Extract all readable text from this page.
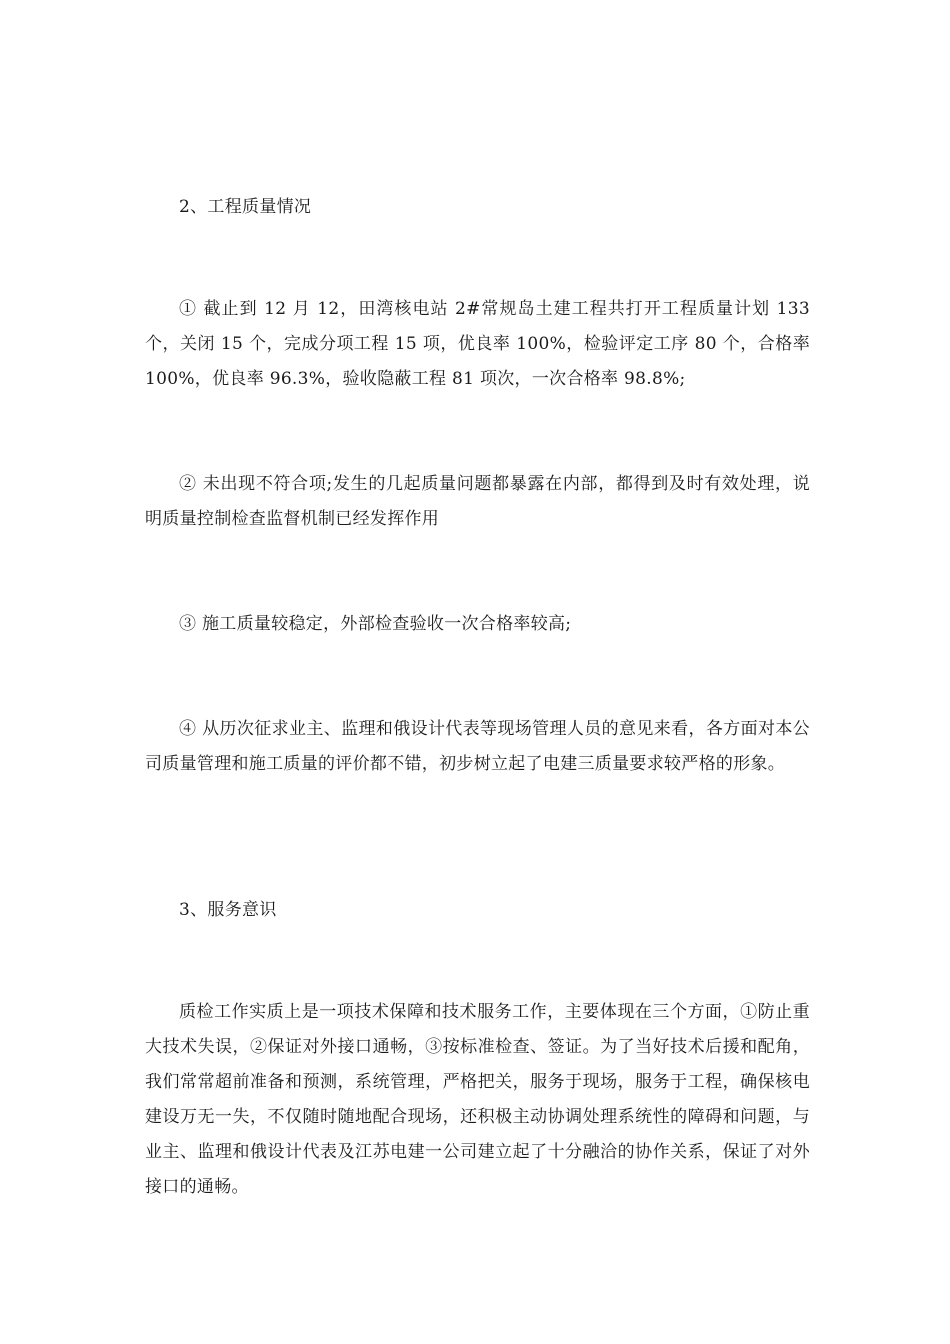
2、工程质量情况

① 截止到 12 月 12，田湾核电站 2#常规岛土建工程共打开工程质量计划 133 个，关闭 15 个，完成分项工程 15 项，优良率 100%，检验评定工序 80 个，合格率 100%，优良率 96.3%，验收隐蔽工程 81 项次，一次合格率 98.8%;

② 未出现不符合项;发生的几起质量问题都暴露在内部，都得到及时有效处理，说明质量控制检查监督机制已经发挥作用

③ 施工质量较稳定，外部检查验收一次合格率较高;

④ 从历次征求业主、监理和俄设计代表等现场管理人员的意见来看，各方面对本公司质量管理和施工质量的评价都不错，初步树立起了电建三质量要求较严格的形象。

3、服务意识

质检工作实质上是一项技术保障和技术服务工作，主要体现在三个方面，①防止重大技术失误，②保证对外接口通畅，③按标准检查、签证。为了当好技术后援和配角，我们常常超前准备和预测，系统管理，严格把关，服务于现场，服务于工程，确保核电建设万无一失，不仅随时随地配合现场，还积极主动协调处理系统性的障碍和问题，与业主、监理和俄设计代表及江苏电建一公司建立起了十分融洽的协作关系，保证了对外接口的通畅。
